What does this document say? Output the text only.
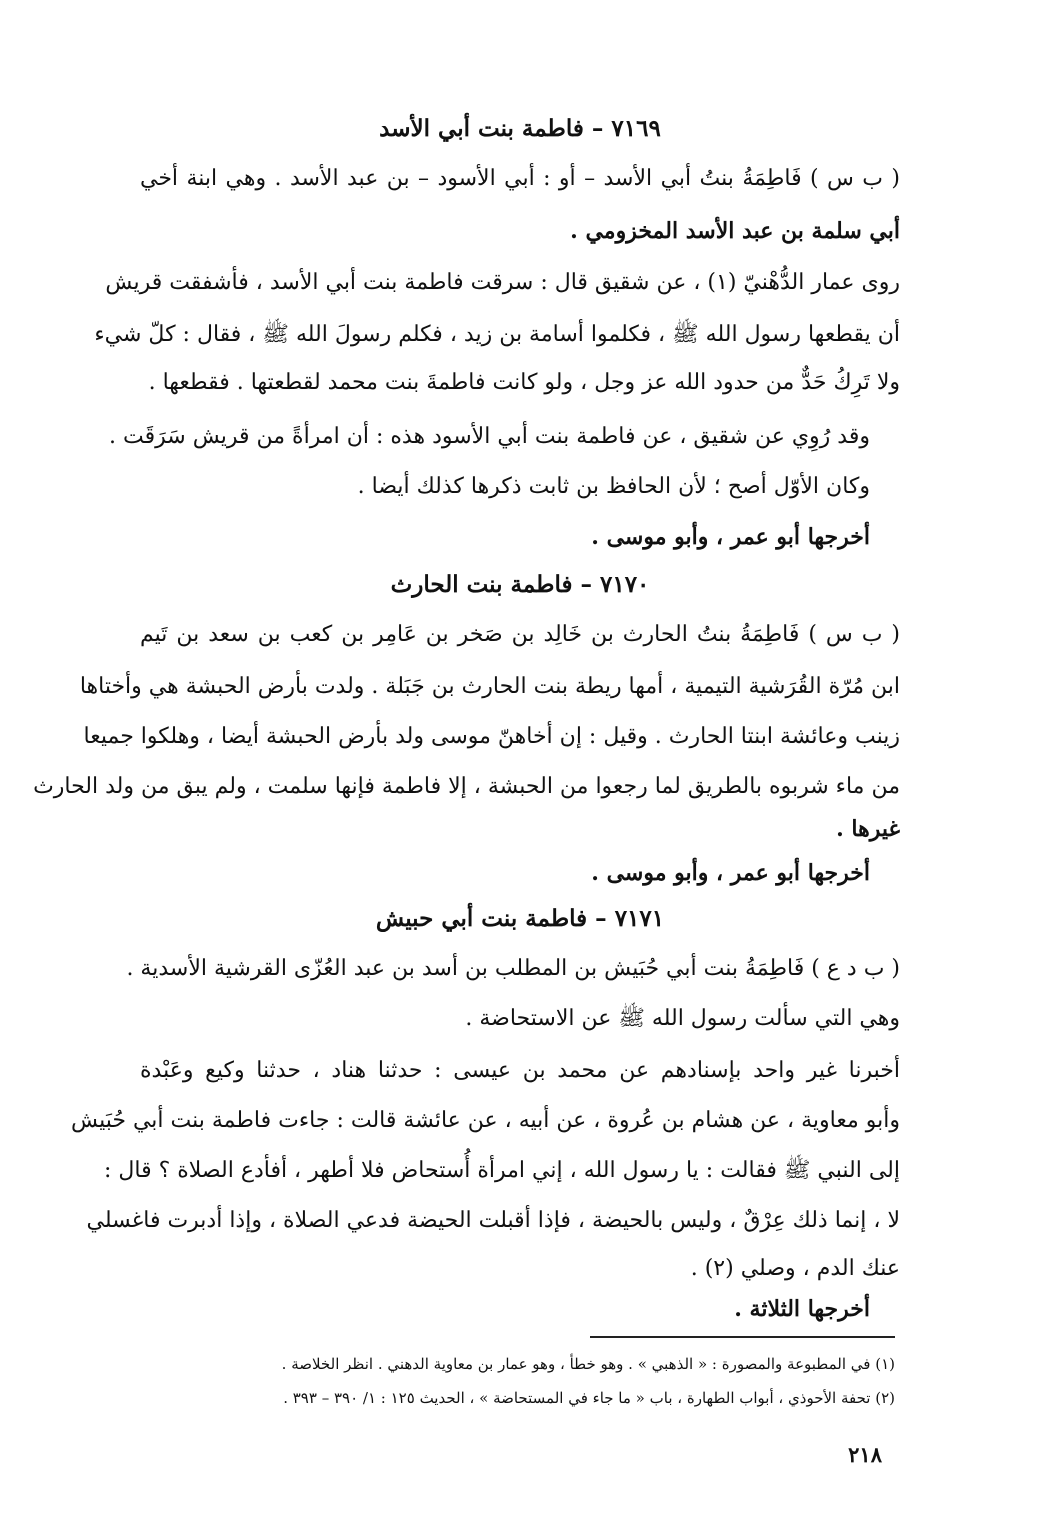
٧١٦٩ – فاطمة بنت أبي الأسد
( ب س ) فَاطِمَةُ بنتُ أبي الأسد – أو : أبي الأسود – بن عبد الأسد . وهي ابنة أخي
أبي سلمة بن عبد الأسد المخزومي .
روى عمار الدُّهْنيّ (١) ، عن شقيق قال : سرقت فاطمة بنت أبي الأسد ، فأشفقت قريش
أن يقطعها رسول الله ﷺ ، فكلموا أسامة بن زيد ، فكلم رسولَ الله ﷺ ، فقال : كلّ شيء
ولا تَرِكُ حَدٌّ من حدود الله عز وجل ، ولو كانت فاطمةَ بنت محمد لقطعتها . فقطعها .
وقد رُوِي عن شقيق ، عن فاطمة بنت أبي الأسود هذه : أن امرأةً من قريش سَرَقَت .
وكان الأوّل أصح ؛ لأن الحافظ بن ثابت ذكرها كذلك أيضا .
أخرجها أبو عمر ، وأبو موسى .
٧١٧٠ – فاطمة بنت الحارث
( ب س ) فَاطِمَةُ بنتُ الحارث بن خَالِد بن صَخر بن عَامِر بن كعب بن سعد بن تَيم
ابن مُرّة القُرَشية التيمية ، أمها ريطة بنت الحارث بن جَبَلة . ولدت بأرض الحبشة هي وأختاها
زينب وعائشة ابنتا الحارث . وقيل : إن أخاهنّ موسى ولد بأرض الحبشة أيضا ، وهلكوا جميعا
من ماء شربوه بالطريق لما رجعوا من الحبشة ، إلا فاطمة فإنها سلمت ، ولم يبق من ولد الحارث
غيرها .
أخرجها أبو عمر ، وأبو موسى .
٧١٧١ – فاطمة بنت أبي حبيش
( ب د ع ) فَاطِمَةُ بنت أبي حُبَيش بن المطلب بن أسد بن عبد العُزّى القرشية الأسدية .
وهي التي سألت رسول الله ﷺ عن الاستحاضة .
أخبرنا غير واحد بإسنادهم عن محمد بن عيسى : حدثنا هناد ، حدثنا وكيع وعَبْدة
وأبو معاوية ، عن هشام بن عُروة ، عن أبيه ، عن عائشة قالت : جاءت فاطمة بنت أبي حُبَيش
إلى النبي ﷺ فقالت : يا رسول الله ، إني امرأة أُستحاض فلا أطهر ، أفأدع الصلاة ؟ قال :
لا ، إنما ذلك عِرْقٌ ، وليس بالحيضة ، فإذا أقبلت الحيضة فدعي الصلاة ، وإذا أدبرت فاغسلي
عنك الدم ، وصلي (٢) .
أخرجها الثلاثة .
(١) في المطبوعة والمصورة : « الذهبي » . وهو خطأ ، وهو عمار بن معاوية الدهني . انظر الخلاصة .
(٢) تحفة الأحوذي ، أبواب الطهارة ، باب « ما جاء في المستحاضة » ، الحديث ١٢٥ : ١/ ٣٩٠ – ٣٩٣ .
٢١٨
